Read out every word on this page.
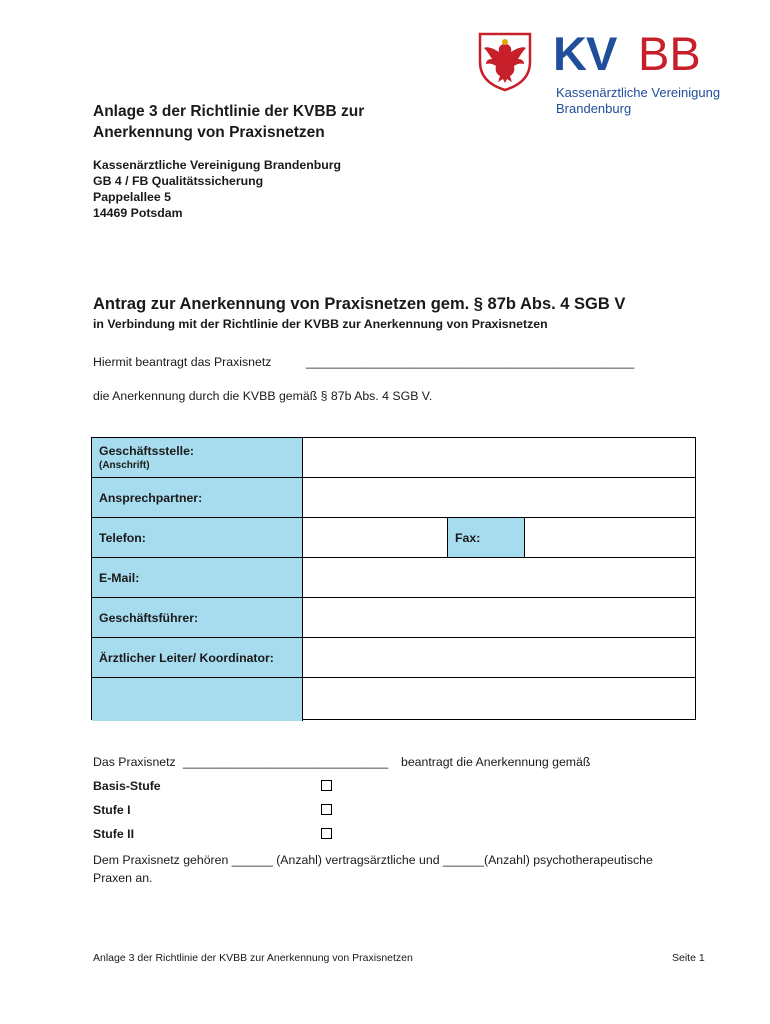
KV BB
Kassenärztliche Vereinigung
Brandenburg
Anlage 3 der Richtlinie der KVBB zur
Anerkennung von Praxisnetzen
Kassenärztliche Vereinigung Brandenburg
GB 4 / FB Qualitätssicherung
Pappelallee 5
14469 Potsdam
Antrag zur Anerkennung von Praxisnetzen gem. § 87b Abs. 4 SGB V
in Verbindung mit der Richtlinie der KVBB zur Anerkennung von Praxisnetzen
Hiermit beantragt das Praxisnetz	________________________________________________
die Anerkennung durch die KVBB gemäß § 87b Abs. 4 SGB V.
Geschäftsstelle:
(Anschrift)
Ansprechpartner:
Telefon:	Fax:
E-Mail:
Geschäftsführer:
Ärztlicher Leiter/ Koordinator:
Das Praxisnetz ______________________________ beantragt die Anerkennung gemäß
Basis-Stufe
Stufe I
Stufe II
Dem Praxisnetz gehören ______ (Anzahl) vertragsärztliche und ______(Anzahl) psychotherapeutische
Praxen an.
Anlage 3 der Richtlinie der KVBB zur Anerkennung von Praxisnetzen	Seite 1
